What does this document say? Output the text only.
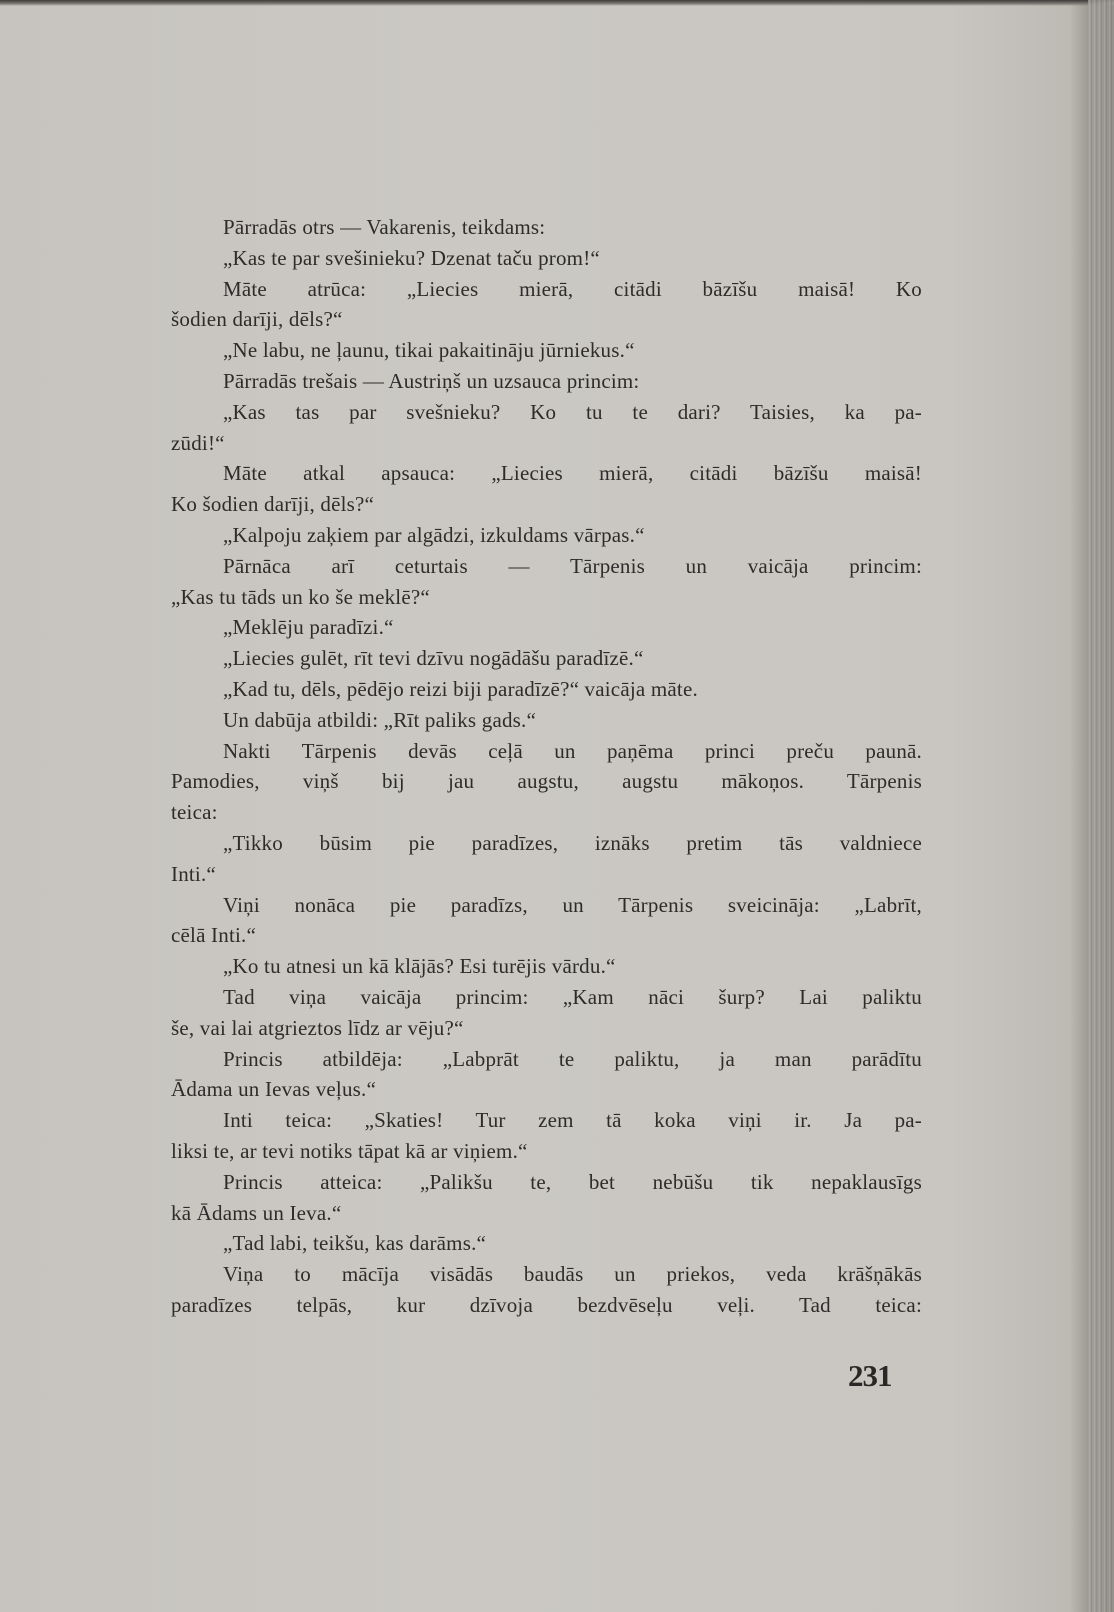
Pārradās otrs — Vakarenis, teikdams:
„Kas te par svešinieku? Dzenat taču prom!“
Māte atrūca: „Liecies mierā, citādi bāzīšu maisā! Ko
šodien darīji, dēls?“
„Ne labu, ne ļaunu, tikai pakaitināju jūrniekus.“
Pārradās trešais — Austriņš un uzsauca princim:
„Kas tas par svešnieku? Ko tu te dari? Taisies, ka pa-
zūdi!“
Māte atkal apsauca: „Liecies mierā, citādi bāzīšu maisā!
Ko šodien darīji, dēls?“
„Kalpoju zaķiem par algādzi, izkuldams vārpas.“
Pārnāca arī ceturtais — Tārpenis un vaicāja princim:
„Kas tu tāds un ko še meklē?“
„Meklēju paradīzi.“
„Liecies gulēt, rīt tevi dzīvu nogādāšu paradīzē.“
„Kad tu, dēls, pēdējo reizi biji paradīzē?“ vaicāja māte.
Un dabūja atbildi: „Rīt paliks gads.“
Nakti Tārpenis devās ceļā un paņēma princi preču paunā.
Pamodies, viņš bij jau augstu, augstu mākoņos. Tārpenis
teica:
„Tikko būsim pie paradīzes, iznāks pretim tās valdniece
Inti.“
Viņi nonāca pie paradīzs, un Tārpenis sveicināja: „Labrīt,
cēlā Inti.“
„Ko tu atnesi un kā klājās? Esi turējis vārdu.“
Tad viņa vaicāja princim: „Kam nāci šurp? Lai paliktu
še, vai lai atgrieztos līdz ar vēju?“
Princis atbildēja: „Labprāt te paliktu, ja man parādītu
Ādama un Ievas veļus.“
Inti teica: „Skaties! Tur zem tā koka viņi ir. Ja pa-
liksi te, ar tevi notiks tāpat kā ar viņiem.“
Princis atteica: „Palikšu te, bet nebūšu tik nepaklausīgs
kā Ādams un Ieva.“
„Tad labi, teikšu, kas darāms.“
Viņa to mācīja visādās baudās un priekos, veda krāšņākās
paradīzes telpās, kur dzīvoja bezdvēseļu veļi. Tad teica:
231
